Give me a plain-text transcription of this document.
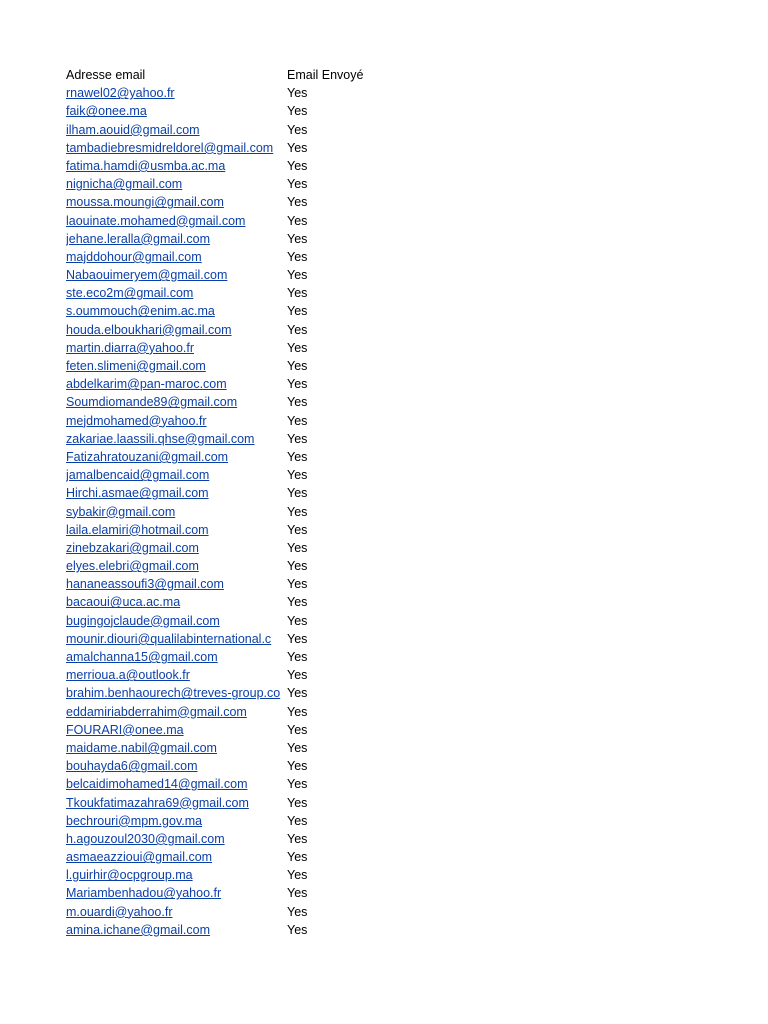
Adresse email	Email Envoyé
rnawel02@yahoo.fr	Yes
faik@onee.ma	Yes
ilham.aouid@gmail.com	Yes
tambadiebresmidreldorel@gmail.com	Yes
fatima.hamdi@usmba.ac.ma	Yes
nignicha@gmail.com	Yes
moussa.moungi@gmail.com	Yes
laouinate.mohamed@gmail.com	Yes
jehane.leralla@gmail.com	Yes
majddohour@gmail.com	Yes
Nabaouimeryem@gmail.com	Yes
ste.eco2m@gmail.com	Yes
s.oummouch@enim.ac.ma	Yes
houda.elboukhari@gmail.com	Yes
martin.diarra@yahoo.fr	Yes
feten.slimeni@gmail.com	Yes
abdelkarim@pan-maroc.com	Yes
Soumdiomande89@gmail.com	Yes
mejdmohamed@yahoo.fr	Yes
zakariae.laassili.qhse@gmail.com	Yes
Fatizahratouzani@gmail.com	Yes
jamalbencaid@gmail.com	Yes
Hirchi.asmae@gmail.com	Yes
sybakir@gmail.com	Yes
laila.elamiri@hotmail.com	Yes
zinebzakari@gmail.com	Yes
elyes.elebri@gmail.com	Yes
hananeassoufi3@gmail.com	Yes
bacaoui@uca.ac.ma	Yes
bugingojclaude@gmail.com	Yes
mounir.diouri@qualilabinternational.c	Yes
amalchanna15@gmail.com	Yes
merrioua.a@outlook.fr	Yes
brahim.benhaourech@treves-group.co Yes
eddamiriabderrahim@gmail.com	Yes
FOURARI@onee.ma	Yes
maidame.nabil@gmail.com	Yes
bouhayda6@gmail.com	Yes
belcaidimohamed14@gmail.com	Yes
Tkoukfatimazahra69@gmail.com	Yes
bechrouri@mpm.gov.ma	Yes
h.agouzoul2030@gmail.com	Yes
asmaeazzioui@gmail.com	Yes
l.guirhir@ocpgroup.ma	Yes
Mariambenhadou@yahoo.fr	Yes
m.ouardi@yahoo.fr	Yes
amina.ichane@gmail.com	Yes
